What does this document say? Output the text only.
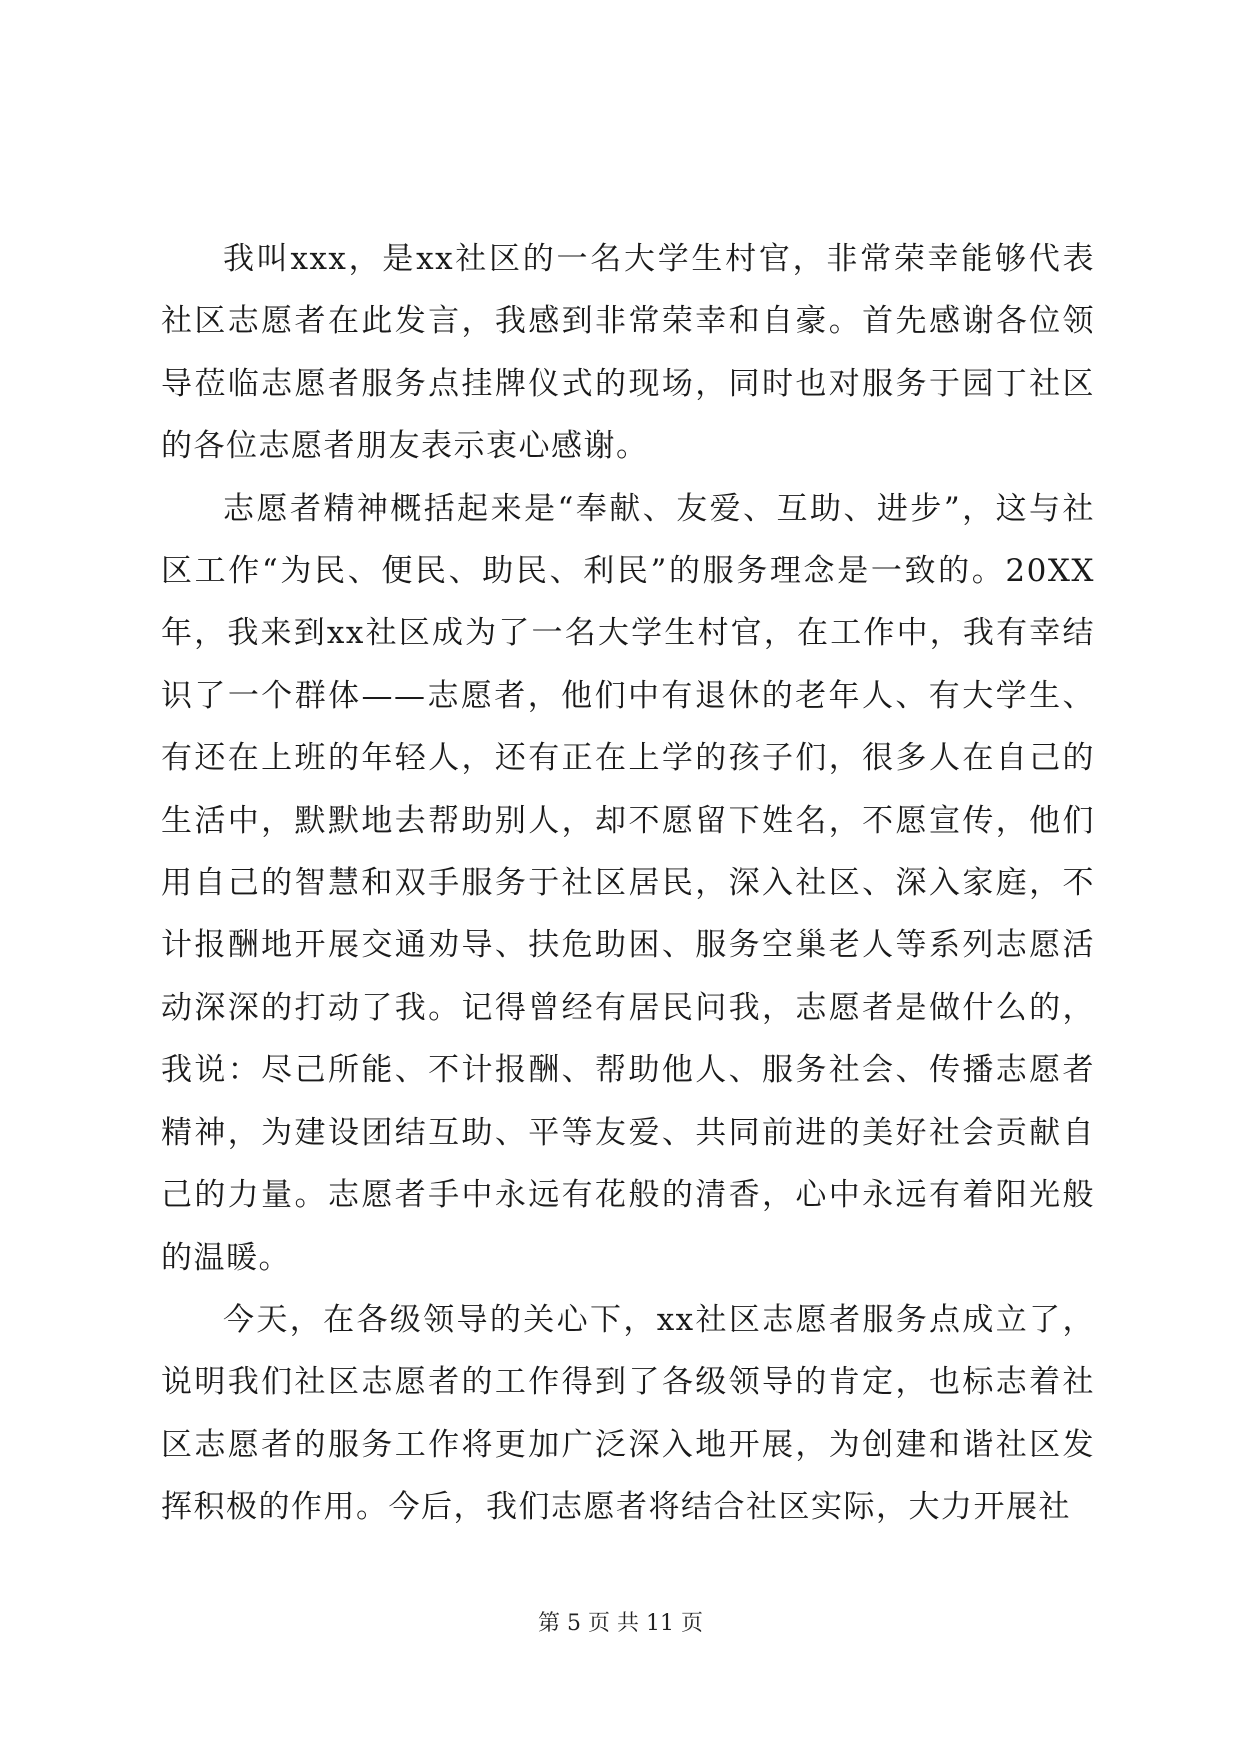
我叫xxx，是xx社区的一名大学生村官，非常荣幸能够代表社区志愿者在此发言，我感到非常荣幸和自豪。首先感谢各位领导莅临志愿者服务点挂牌仪式的现场，同时也对服务于园丁社区的各位志愿者朋友表示衷心感谢。

志愿者精神概括起来是“奉献、友爱、互助、进步”，这与社区工作“为民、便民、助民、利民”的服务理念是一致的。20XX年，我来到xx社区成为了一名大学生村官，在工作中，我有幸结识了一个群体——志愿者，他们中有退休的老年人、有大学生、有还在上班的年轻人，还有正在上学的孩子们，很多人在自己的生活中，默默地去帮助别人，却不愿留下姓名，不愿宣传，他们用自己的智慧和双手服务于社区居民，深入社区、深入家庭，不计报酬地开展交通劝导、扶危助困、服务空巢老人等系列志愿活动深深的打动了我。记得曾经有居民问我，志愿者是做什么的，我说：尽己所能、不计报酬、帮助他人、服务社会、传播志愿者精神，为建设团结互助、平等友爱、共同前进的美好社会贡献自己的力量。志愿者手中永远有花般的清香，心中永远有着阳光般的温暖。

今天，在各级领导的关心下，xx社区志愿者服务点成立了，说明我们社区志愿者的工作得到了各级领导的肯定，也标志着社区志愿者的服务工作将更加广泛深入地开展，为创建和谐社区发挥积极的作用。今后，我们志愿者将结合社区实际，大力开展社

第 5 页 共 11 页
